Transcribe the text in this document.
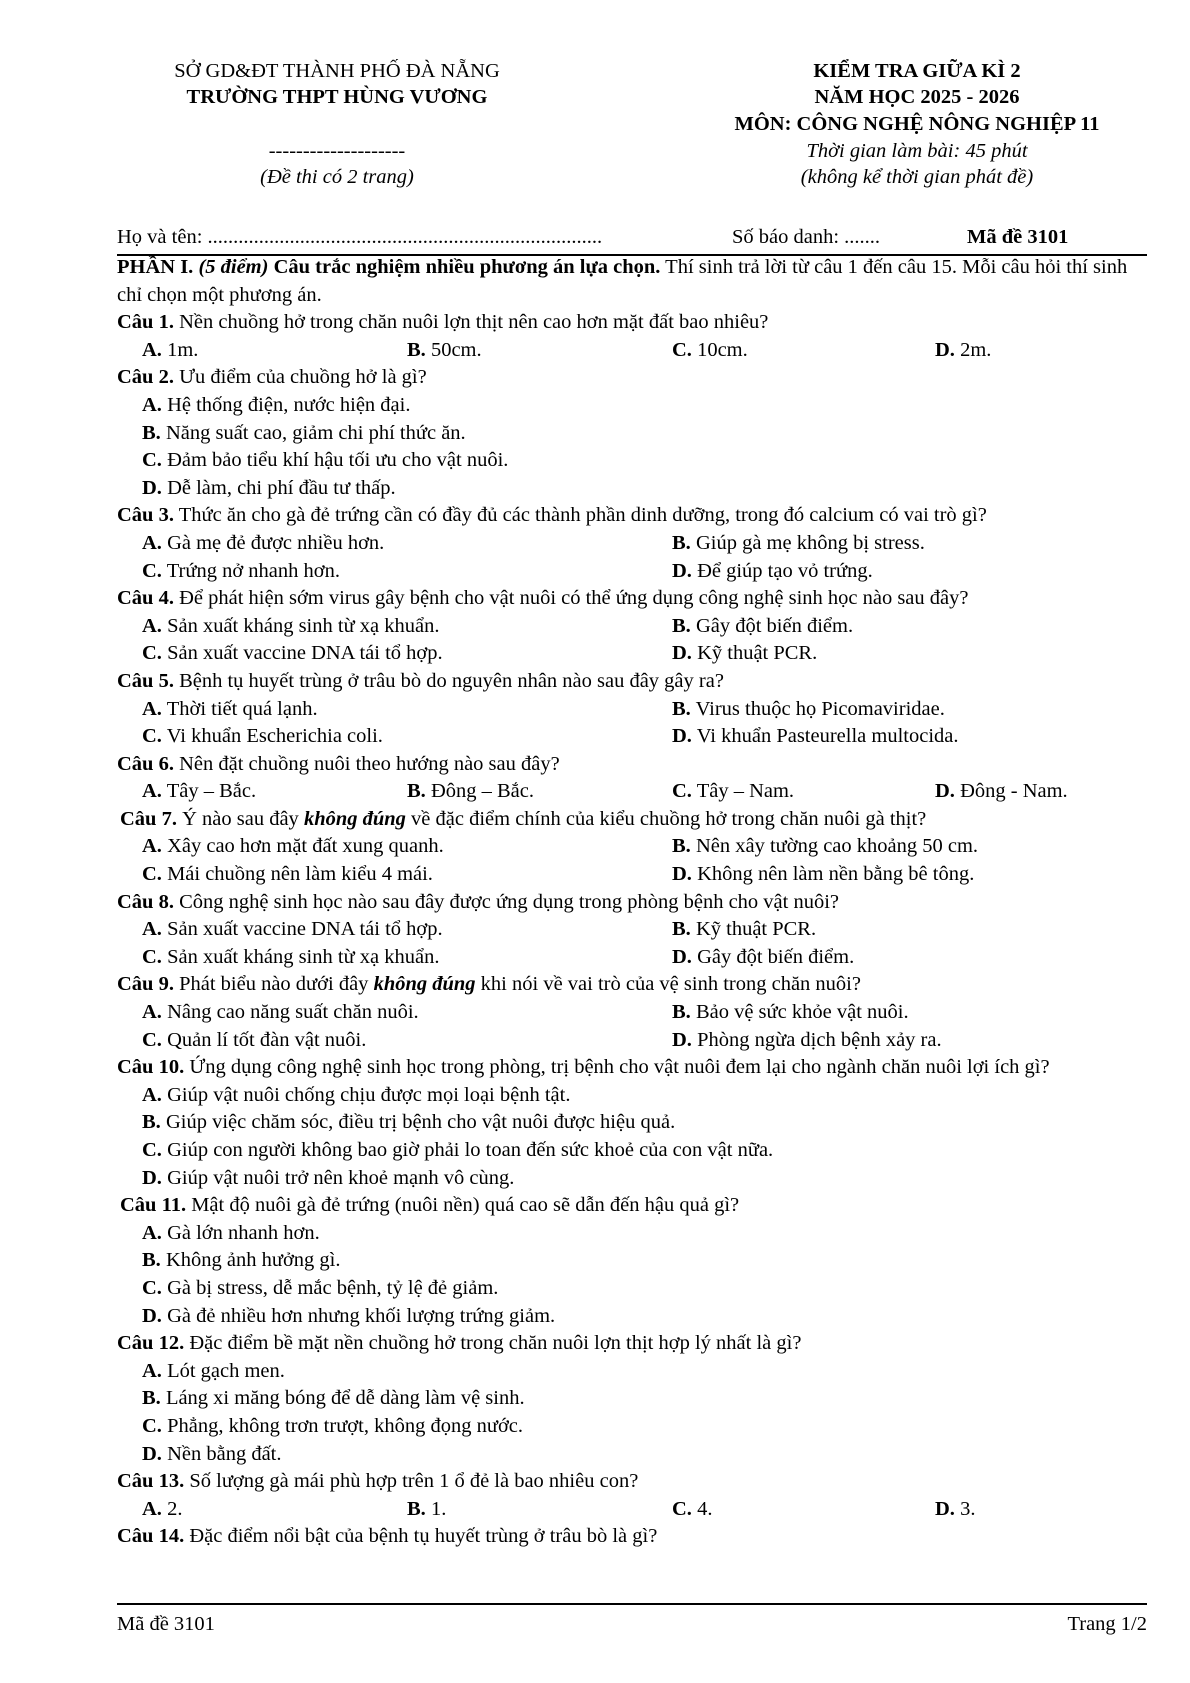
SỞ GD&ĐT THÀNH PHỐ ĐÀ NẴNG
TRƯỜNG THPT HÙNG VƯƠNG
--------------------
(Đề thi có 2 trang)
KIỂM TRA GIỮA KÌ 2
NĂM HỌC 2025 - 2026
MÔN: CÔNG NGHỆ NÔNG NGHIỆP 11
Thời gian làm bài: 45 phút
(không kể thời gian phát đề)
Họ và tên: .............................................................................	Số báo danh: .......	Mã đề 3101
PHẦN I. (5 điểm) Câu trắc nghiệm nhiều phương án lựa chọn. Thí sinh trả lời từ câu 1 đến câu 15. Mỗi câu hỏi thí sinh chỉ chọn một phương án.
Câu 1. Nền chuồng hở trong chăn nuôi lợn thịt nên cao hơn mặt đất bao nhiêu?
A. 1m.	B. 50cm.	C. 10cm.	D. 2m.
Câu 2. Ưu điểm của chuồng hở là gì?
A. Hệ thống điện, nước hiện đại.
B. Năng suất cao, giảm chi phí thức ăn.
C. Đảm bảo tiểu khí hậu tối ưu cho vật nuôi.
D. Dễ làm, chi phí đầu tư thấp.
Câu 3. Thức ăn cho gà đẻ trứng cần có đầy đủ các thành phần dinh dưỡng, trong đó calcium có vai trò gì?
A. Gà mẹ đẻ được nhiều hơn.	B. Giúp gà mẹ không bị stress.
C. Trứng nở nhanh hơn.	D. Để giúp tạo vỏ trứng.
Câu 4. Để phát hiện sớm virus gây bệnh cho vật nuôi có thể ứng dụng công nghệ sinh học nào sau đây?
A. Sản xuất kháng sinh từ xạ khuẩn.	B. Gây đột biến điểm.
C. Sản xuất vaccine DNA tái tổ hợp.	D. Kỹ thuật PCR.
Câu 5. Bệnh tụ huyết trùng ở trâu bò do nguyên nhân nào sau đây gây ra?
A. Thời tiết quá lạnh.	B. Virus thuộc họ Picomaviridae.
C. Vi khuẩn Escherichia coli.	D. Vi khuẩn Pasteurella multocida.
Câu 6. Nên đặt chuồng nuôi theo hướng nào sau đây?
A. Tây – Bắc.	B. Đông – Bắc.	C. Tây – Nam.	D. Đông - Nam.
Câu 7. Ý nào sau đây không đúng về đặc điểm chính của kiểu chuồng hở trong chăn nuôi gà thịt?
A. Xây cao hơn mặt đất xung quanh.	B. Nên xây tường cao khoảng 50 cm.
C. Mái chuồng nên làm kiểu 4 mái.	D. Không nên làm nền bằng bê tông.
Câu 8. Công nghệ sinh học nào sau đây được ứng dụng trong phòng bệnh cho vật nuôi?
A. Sản xuất vaccine DNA tái tổ hợp.	B. Kỹ thuật PCR.
C. Sản xuất kháng sinh từ xạ khuẩn.	D. Gây đột biến điểm.
Câu 9. Phát biểu nào dưới đây không đúng khi nói về vai trò của vệ sinh trong chăn nuôi?
A. Nâng cao năng suất chăn nuôi.	B. Bảo vệ sức khỏe vật nuôi.
C. Quản lí tốt đàn vật nuôi.	D. Phòng ngừa dịch bệnh xảy ra.
Câu 10. Ứng dụng công nghệ sinh học trong phòng, trị bệnh cho vật nuôi đem lại cho ngành chăn nuôi lợi ích gì?
A. Giúp vật nuôi chống chịu được mọi loại bệnh tật.
B. Giúp việc chăm sóc, điều trị bệnh cho vật nuôi được hiệu quả.
C. Giúp con người không bao giờ phải lo toan đến sức khoẻ của con vật nữa.
D. Giúp vật nuôi trở nên khoẻ mạnh vô cùng.
Câu 11. Mật độ nuôi gà đẻ trứng (nuôi nền) quá cao sẽ dẫn đến hậu quả gì?
A. Gà lớn nhanh hơn.
B. Không ảnh hưởng gì.
C. Gà bị stress, dễ mắc bệnh, tỷ lệ đẻ giảm.
D. Gà đẻ nhiều hơn nhưng khối lượng trứng giảm.
Câu 12. Đặc điểm bề mặt nền chuồng hở trong chăn nuôi lợn thịt hợp lý nhất là gì?
A. Lót gạch men.
B. Láng xi măng bóng để dễ dàng làm vệ sinh.
C. Phẳng, không trơn trượt, không đọng nước.
D. Nền bằng đất.
Câu 13. Số lượng gà mái phù hợp trên 1 ổ đẻ là bao nhiêu con?
A. 2.	B. 1.	C. 4.	D. 3.
Câu 14. Đặc điểm nổi bật của bệnh tụ huyết trùng ở trâu bò là gì?
Mã đề 3101	Trang 1/2
